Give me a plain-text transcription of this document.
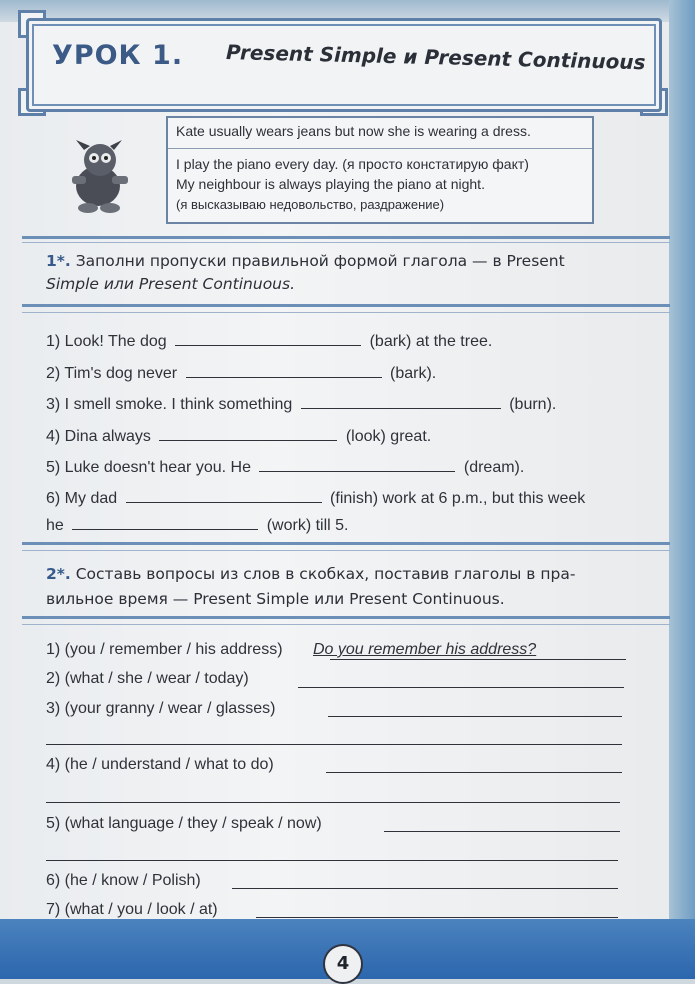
УРОК 1. Present Simple и Present Continuous
Kate usually wears jeans but now she is wearing a dress.
I play the piano every day. (я просто констатирую факт)
My neighbour is always playing the piano at night.
(я высказываю недовольство, раздражение)
1*. Заполни пропуски правильной формой глагола — в Present
Simple или Present Continuous.
1) Look! The dog	(bark) at the tree.
2) Tim's dog never	(bark).
3) I smell smoke. I think something	(burn).
4) Dina always	(look) great.
5) Luke doesn't hear you. He	(dream).
6) My dad	(finish) work at 6 p.m., but this week
he	(work) till 5.
2*. Составь вопросы из слов в скобках, поставив глаголы в пра-
вильное время — Present Simple или Present Continuous.
1) (you / remember / his address) Do you remember his address?
2) (what / she / wear / today)
3) (your granny / wear / glasses)
4) (he / understand / what to do)
5) (what language / they / speak / now)
6) (he / know / Polish)
7) (what / you / look / at)
4
